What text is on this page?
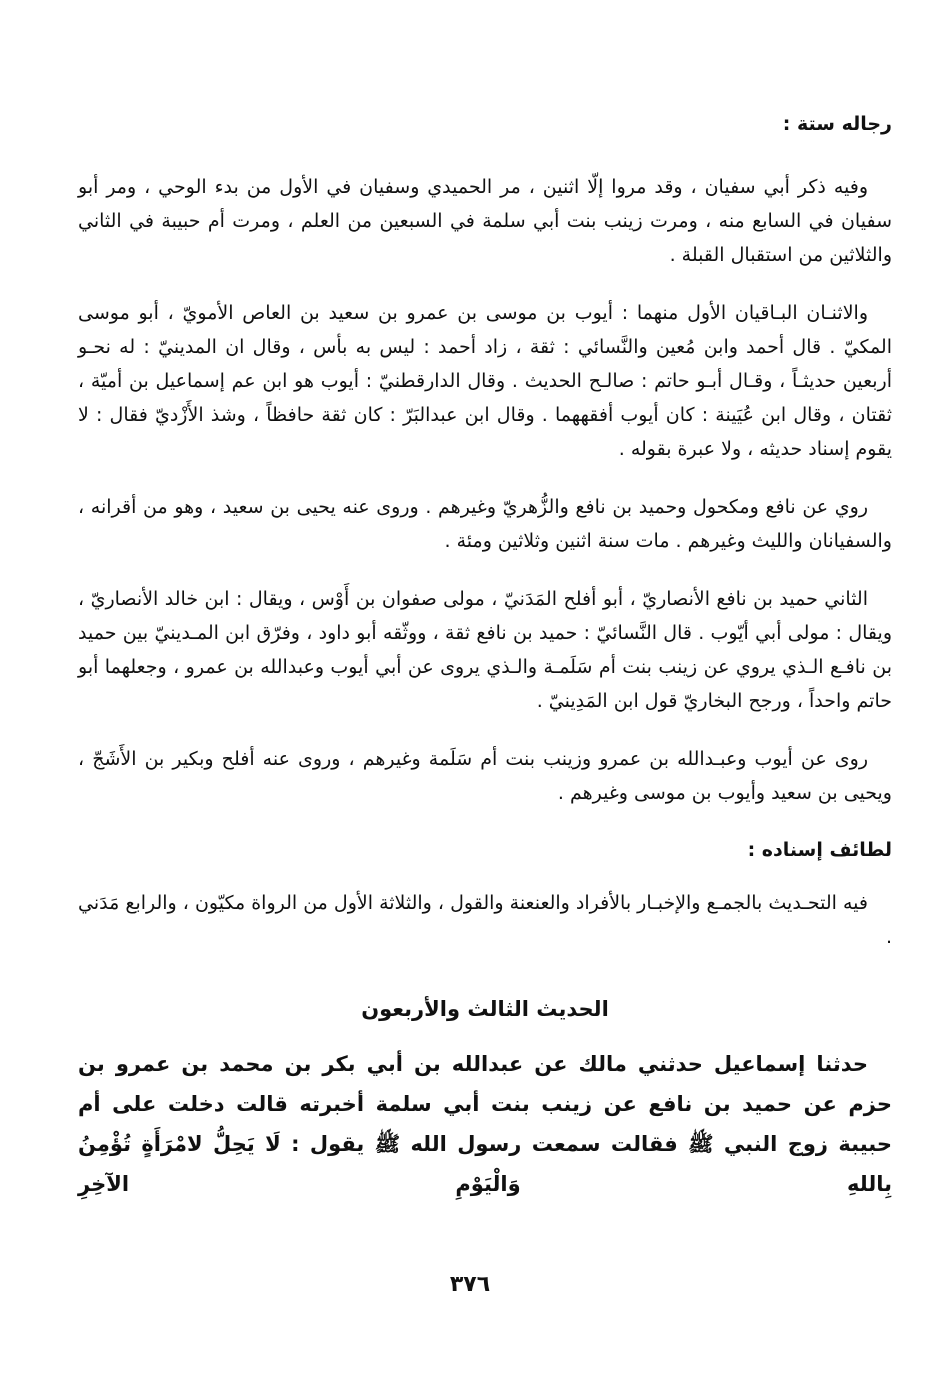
رجاله ستة :

وفيه ذكر أبي سفيان ، وقد مروا إلّا اثنين ، مر الحميدي وسفيان في الأول من بدء الوحي ، ومر أبو سفيان في السابع منه ، ومرت زينب بنت أبي سلمة في السبعين من العلم ، ومرت أم حبيبة في الثاني والثلاثين من استقبال القبلة .

والاثنـان البـاقيان الأول منهما : أيوب بن موسى بن عمرو بن سعيد بن العاص الأمويّ ، أبو موسى المكيّ . قال أحمد وابن مُعين والنَّسائي : ثقة ، زاد أحمد : ليس به بأس ، وقال ان المدينيّ : له نحـو أربعين حديثـاً ، وقـال أبـو حاتم : صالـح الحديث . وقال الدارقطنيّ : أيوب هو ابن عم إسماعيل بن أميّة ، ثقتان ، وقال ابن عُيَينة : كان أيوب أفقههما . وقال ابن عبدالبَرّ : كان ثقة حافظاً ، وشذ الأَزْديّ فقال : لا يقوم إسناد حديثه ، ولا عبرة بقوله .

روي عن نافع ومكحول وحميد بن نافع والزُّهريّ وغيرهم . وروى عنه يحيى بن سعيد ، وهو من أقرانه ، والسفيانان والليث وغيرهم . مات سنة اثنين وثلاثين ومئة .

الثاني حميد بن نافع الأنصاريّ ، أبو أفلح المَدَنيّ ، مولى صفوان بن أَوْس ، ويقال : ابن خالد الأنصاريّ ، ويقال : مولى أبي أيّوب . قال النَّسائيّ : حميد بن نافع ثقة ، ووثّقه أبو داود ، وفرّق ابن المـدينيّ بين حميد بن نافـع الـذي يروي عن زينب بنت أم سَلَمـة والـذي يروى عن أبي أيوب وعبدالله بن عمرو ، وجعلهما أبو حاتم واحداً ، ورجح البخاريّ قول ابن المَدِينيّ .

روى عن أيوب وعبـدالله بن عمرو وزينب بنت أم سَلَمة وغيرهم ، وروى عنه أفلح وبكير بن الأَشَجّ ، ويحيى بن سعيد وأيوب بن موسى وغيرهم .

لطائف إسناده :

فيه التحـديث بالجمـع والإخبـار بالأفراد والعنعنة والقول ، والثلاثة الأول من الرواة مكيّون ، والرابع مَدَني .

الحديث الثالث والأربعون

حدثنا إسماعيل حدثني مالك عن عبدالله بن أبي بكر بن محمد بن عمرو بن حزم عن حميد بن نافع عن زينب بنت أبي سلمة أخبرته قالت دخلت على أم حبيبة زوج النبي ﷺ فقالت سمعت رسول الله ﷺ يقول : لَا يَحِلُّ لامْرَأَةٍ تُؤْمِنُ بِاللهِ وَالْيَوْمِ الآخِرِ

٣٧٦
